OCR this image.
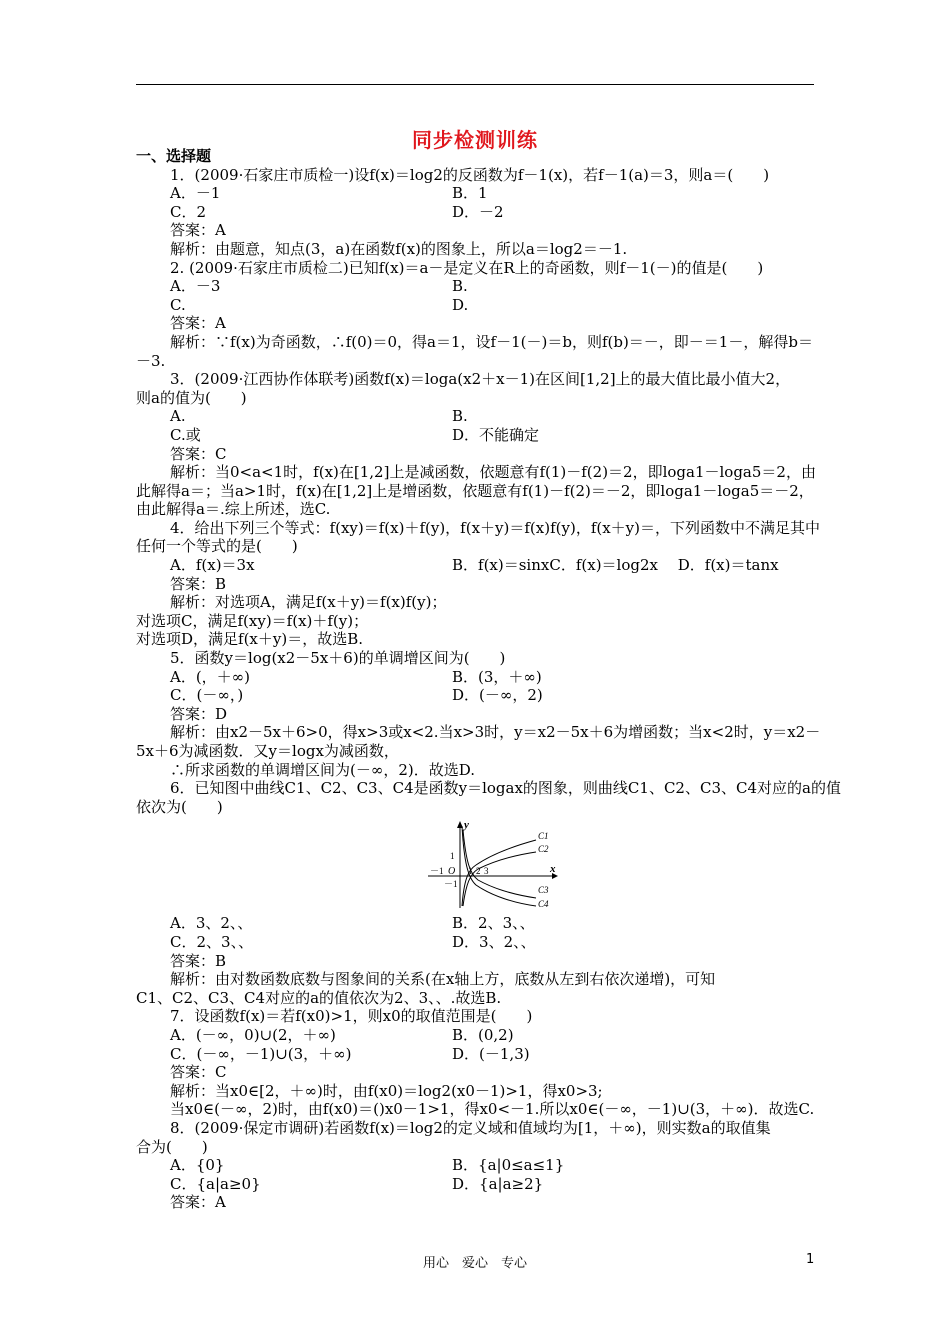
同步检测训练
一、选择题
1．(2009·石家庄市质检一)设f(x)＝log2的反函数为f－1(x)，若f－1(a)＝3，则a＝(　　)
A．－1	B．1
C．2	D．－2
答案：A
解析：由题意，知点(3，a)在函数f(x)的图象上，所以a＝log2＝－1.
2. (2009·石家庄市质检二)已知f(x)＝a－是定义在R上的奇函数，则f－1(－)的值是(　　)
A．－3	B.
C.	D.
答案：A
解析：∵f(x)为奇函数，∴f(0)＝0，得a＝1，设f－1(－)＝b，则f(b)＝－，即－＝1－，解得b＝
－3.
3．(2009·江西协作体联考)函数f(x)＝loga(x2＋x－1)在区间[1,2]上的最大值比最小值大2，
则a的值为(　　)
A.	B.
C.或	D．不能确定
答案：C
解析：当0<a<1时，f(x)在[1,2]上是减函数，依题意有f(1)－f(2)＝2，即loga1－loga5＝2，由
此解得a＝；当a>1时，f(x)在[1,2]上是增函数，依题意有f(1)－f(2)＝－2，即loga1－loga5＝－2，
由此解得a＝.综上所述，选C.
4．给出下列三个等式：f(xy)＝f(x)＋f(y)，f(x＋y)＝f(x)f(y)，f(x＋y)＝，下列函数中不满足其中
任何一个等式的是(　　)
A．f(x)＝3x	B．f(x)＝sinxC．f(x)＝log2x　 D．f(x)＝tanx
答案：B
解析：对选项A，满足f(x＋y)＝f(x)f(y)；
对选项C，满足f(xy)＝f(x)＋f(y)；
对选项D，满足f(x＋y)＝，故选B.
5．函数y＝log(x2－5x＋6)的单调增区间为(　　)
A．(，＋∞)	B．(3，＋∞)
C．(－∞，)	D．(－∞，2)
答案：D
解析：由x2－5x＋6>0，得x>3或x<2.当x>3时，y＝x2－5x＋6为增函数；当x<2时，y＝x2－
5x＋6为减函数．又y＝logx为减函数，
∴所求函数的单调增区间为(－∞，2)．故选D.
6．已知图中曲线C1、C2、C3、C4是函数y＝logax的图象，则曲线C1、C2、C3、C4对应的a的值
依次为(　　)
y
x
O
1
－1
－1	1 2 3
C1
C2
C3
C4
A．3、2、、	B．2、3、、
C．2、3、、	D．3、2、、
答案：B
解析：由对数函数底数与图象间的关系(在x轴上方，底数从左到右依次递增)，可知
C1、C2、C3、C4对应的a的值依次为2、3、、.故选B.
7．设函数f(x)＝若f(x0)>1，则x0的取值范围是(　　)
A．(－∞，0)∪(2，＋∞)	B．(0,2)
C．(－∞，－1)∪(3，＋∞)	D．(－1,3)
答案：C
解析：当x0∈[2，＋∞)时，由f(x0)＝log2(x0－1)>1，得x0>3;
当x0∈(－∞，2)时，由f(x0)＝()x0－1>1，得x0<－1.所以x0∈(－∞，－1)∪(3，＋∞)．故选C.
8．(2009·保定市调研)若函数f(x)＝log2的定义域和值域均为[1，＋∞)，则实数a的取值集
合为(　　)
A．{0}	B．{a|0≤a≤1}
C．{a|a≥0}	D．{a|a≥2}
答案：A
用心　爱心　专心	1
